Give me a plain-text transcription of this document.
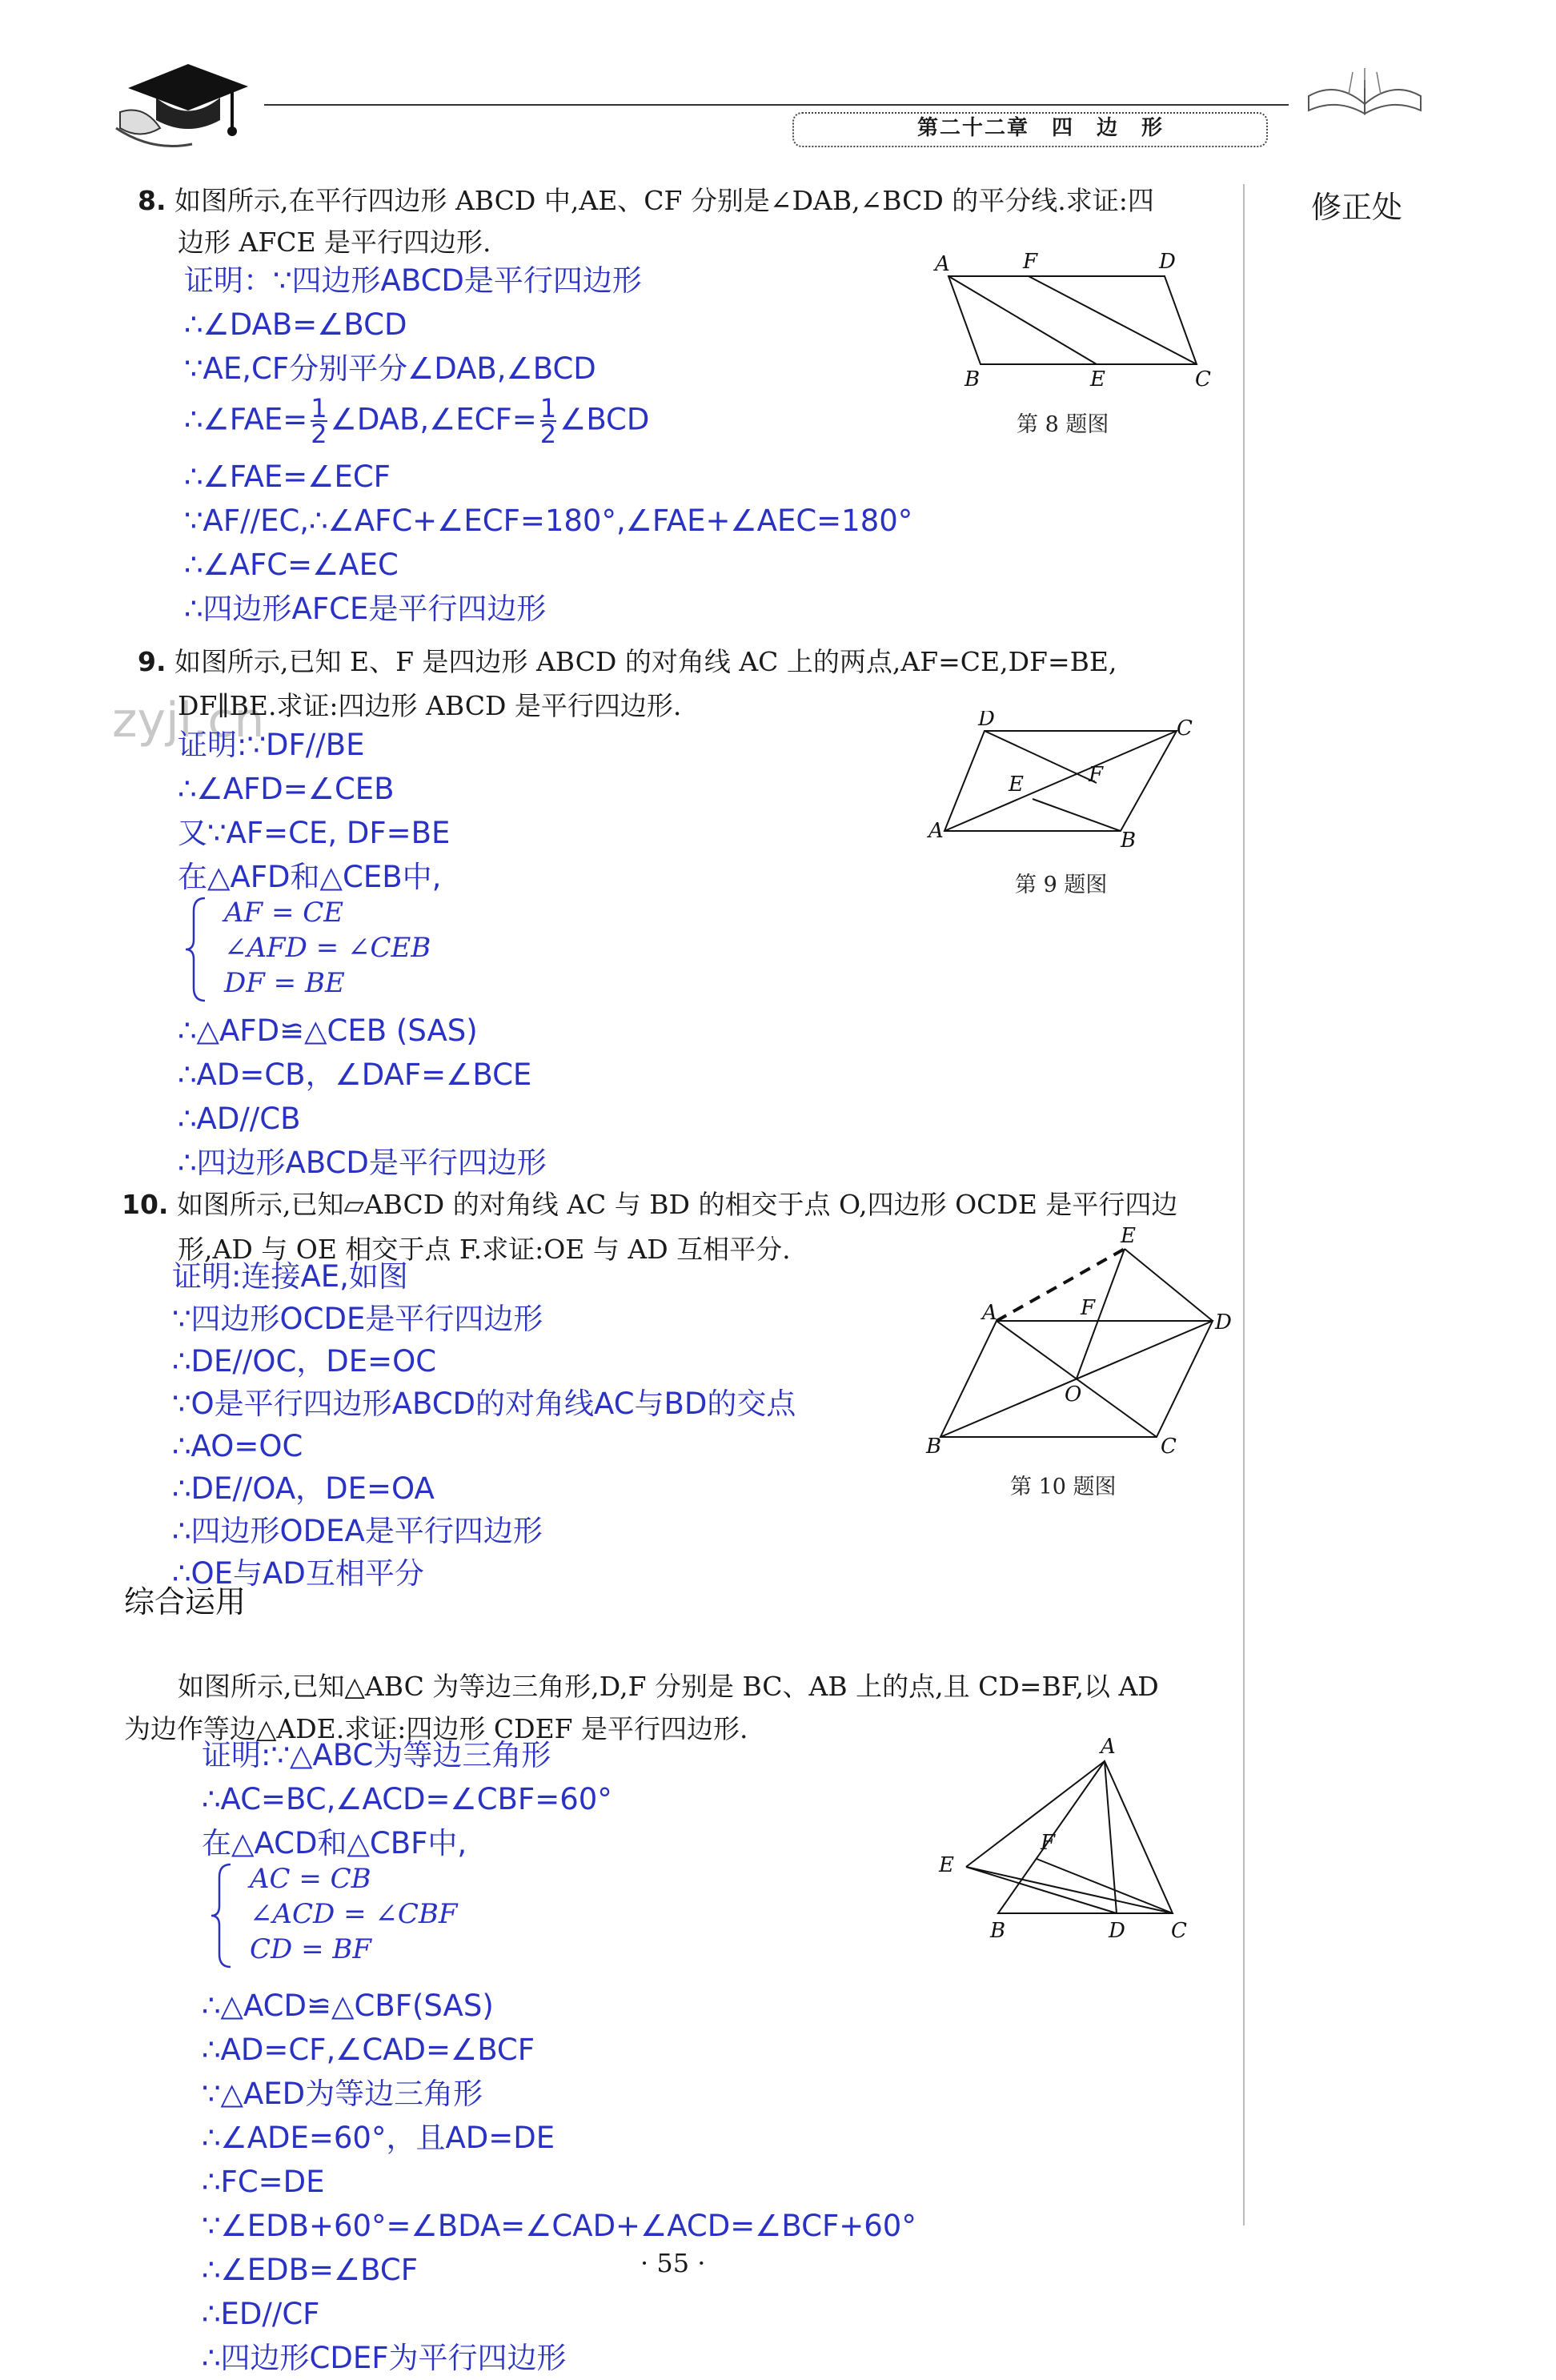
第二十二章　四　边　形
修正处
zyjl.cn
8. 如图所示,在平行四边形 ABCD 中,AE、CF 分别是∠DAB,∠BCD 的平分线.求证:四
边形 AFCE 是平行四边形.
证明：∵四边形ABCD是平行四边形
∴∠DAB=∠BCD
∵AE,CF分别平分∠DAB,∠BCD
∴∠FAE= $\frac{1}{2}$ ∠DAB,∠ECF= $\frac{1}{2}$ ∠BCD
∴∠FAE=∠ECF
∵AF//EC,∴∠AFC+∠ECF=180°,∠FAE+∠AEC=180°
∴∠AFC=∠AEC
∴四边形AFCE是平行四边形
A	F	D
B	E	C
第 8 题图
9. 如图所示,已知 E、F 是四边形 ABCD 的对角线 AC 上的两点,AF=CE,DF=BE,
DF∥BE.求证:四边形 ABCD 是平行四边形.
证明:∵DF//BE
∴∠AFD=∠CEB
又∵AF=CE, DF=BE
在△AFD和△CEB中,
AF = CE
∠AFD = ∠CEB
DF = BE
∴△AFD≌△CEB (SAS)
∴AD=CB，∠DAF=∠BCE
∴AD//CB
∴四边形ABCD是平行四边形
D	C
E	F
A	B
第 9 题图
10. 如图所示,已知▱ABCD 的对角线 AC 与 BD 的相交于点 O,四边形 OCDE 是平行四边
形,AD 与 OE 相交于点 F.求证:OE 与 AD 互相平分.
证明:连接AE,如图
∵四边形OCDE是平行四边形
∴DE//OC，DE=OC
∵O是平行四边形ABCD的对角线AC与BD的交点
∴AO=OC
∴DE//OA，DE=OA
∴四边形ODEA是平行四边形
∴OE与AD互相平分
E
A	F
D
O
B	C
第 10 题图
综合运用
如图所示,已知△ABC 为等边三角形,D,F 分别是 BC、AB 上的点,且 CD=BF,以 AD
为边作等边△ADE.求证:四边形 CDEF 是平行四边形.
证明:∵△ABC为等边三角形
∴AC=BC,∠ACD=∠CBF=60°
在△ACD和△CBF中,
AC = CB
∠ACD = ∠CBF
CD = BF
∴△ACD≌△CBF(SAS)
∴AD=CF,∠CAD=∠BCF
∵△AED为等边三角形
∴∠ADE=60°，且AD=DE
∴FC=DE
∵∠EDB+60°=∠BDA=∠CAD+∠ACD=∠BCF+60°
∴∠EDB=∠BCF
∴ED//CF
∴四边形CDEF为平行四边形
A
E
F
B	D C
· 55 ·
